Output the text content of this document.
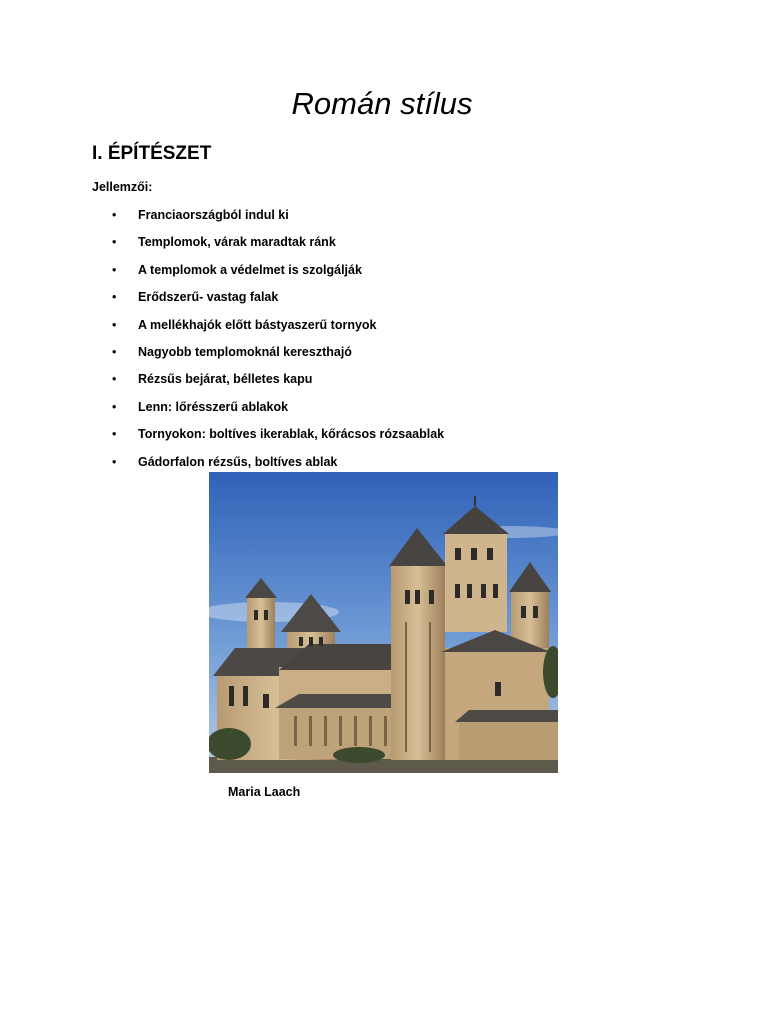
Román stílus
I. ÉPÍTÉSZET

Jellemzői:

• Franciaországból indul ki
• Templomok, várak maradtak ránk
• A templomok a védelmet is szolgálják
• Erődszerű- vastag falak
• A mellékhajók előtt bástyaszerű tornyok
• Nagyobb templomoknál kereszthajó
• Rézsűs bejárat, bélletes kapu
• Lenn: lőrésszerű ablakok
• Tornyokon: boltíves ikerablak, kőrácsos rózsaablak
• Gádorfalon rézsűs, boltíves ablak

Maria Laach
